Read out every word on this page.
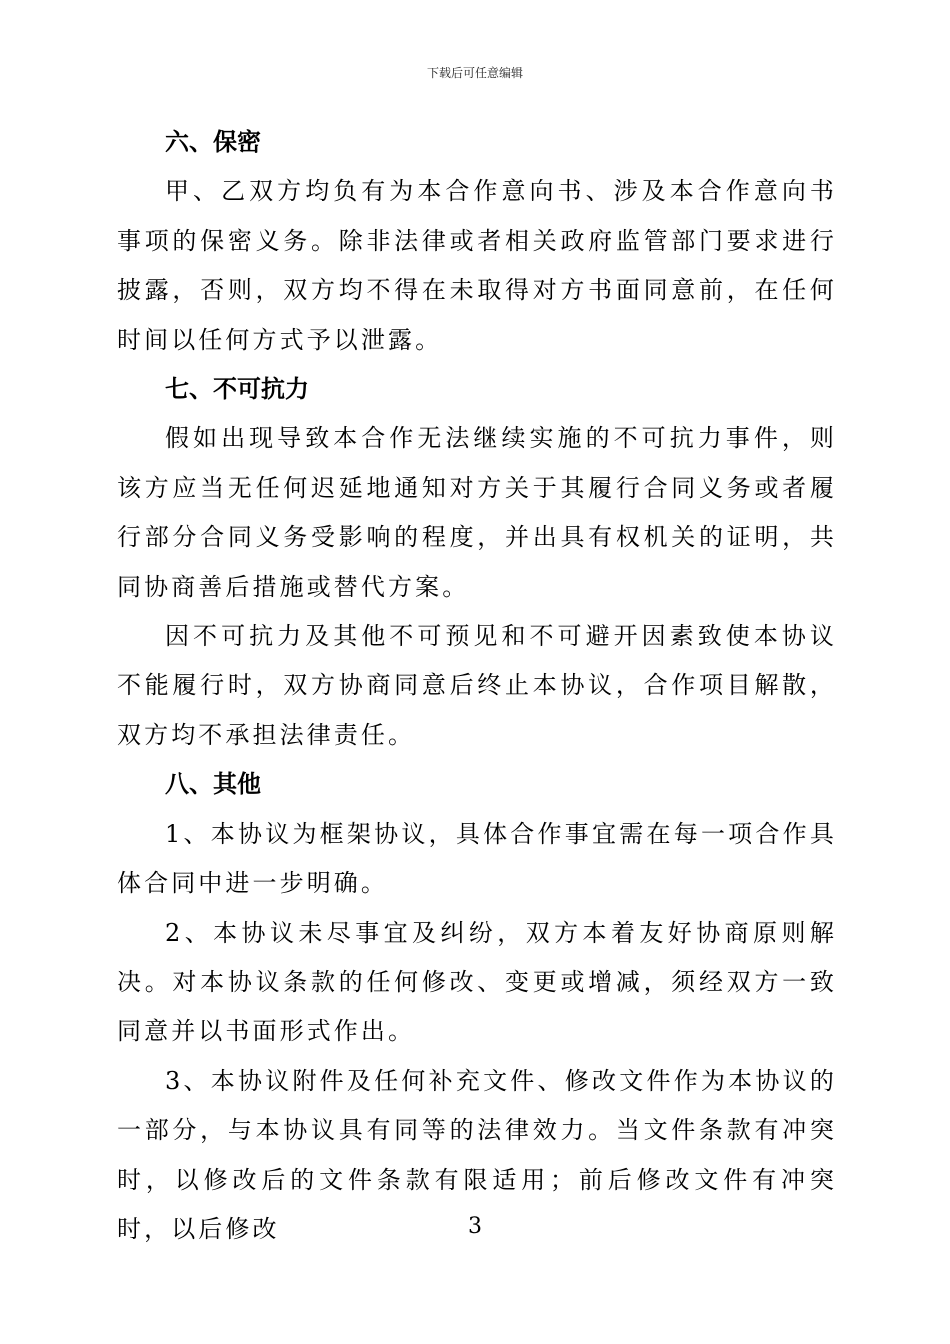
下载后可任意编辑
六、保密

甲、乙双方均负有为本合作意向书、涉及本合作意向书事项的保密义务。除非法律或者相关政府监管部门要求进行披露，否则，双方均不得在未取得对方书面同意前，在任何时间以任何方式予以泄露。

七、不可抗力

假如出现导致本合作无法继续实施的不可抗力事件，则该方应当无任何迟延地通知对方关于其履行合同义务或者履行部分合同义务受影响的程度，并出具有权机关的证明，共同协商善后措施或替代方案。

因不可抗力及其他不可预见和不可避开因素致使本协议不能履行时，双方协商同意后终止本协议，合作项目解散，双方均不承担法律责任。

八、其他

1、本协议为框架协议，具体合作事宜需在每一项合作具体合同中进一步明确。

2、本协议未尽事宜及纠纷，双方本着友好协商原则解决。对本协议条款的任何修改、变更或增减，须经双方一致同意并以书面形式作出。

3、本协议附件及任何补充文件、修改文件作为本协议的一部分，与本协议具有同等的法律效力。当文件条款有冲突时，以修改后的文件条款有限适用；前后修改文件有冲突时，以后修改	3
